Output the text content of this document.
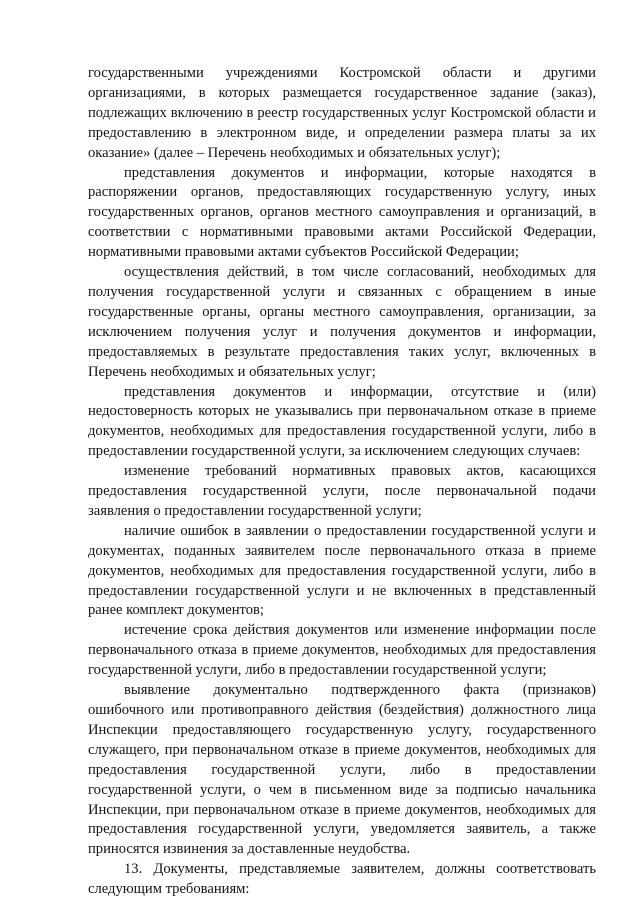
государственными учреждениями Костромской области и другими организациями, в которых размещается государственное задание (заказ), подлежащих включению в реестр государственных услуг Костромской области и предоставлению в электронном виде, и определении размера платы за их оказание» (далее – Перечень необходимых и обязательных услуг);

представления документов и информации, которые находятся в распоряжении органов, предоставляющих государственную услугу, иных государственных органов, органов местного самоуправления и организаций, в соответствии с нормативными правовыми актами Российской Федерации, нормативными правовыми актами субъектов Российской Федерации;

осуществления действий, в том числе согласований, необходимых для получения государственной услуги и связанных с обращением в иные государственные органы, органы местного самоуправления, организации, за исключением получения услуг и получения документов и информации, предоставляемых в результате предоставления таких услуг, включенных в Перечень необходимых и обязательных услуг;

представления документов и информации, отсутствие и (или) недостоверность которых не указывались при первоначальном отказе в приеме документов, необходимых для предоставления государственной услуги, либо в предоставлении государственной услуги, за исключением следующих случаев:

изменение требований нормативных правовых актов, касающихся предоставления государственной услуги, после первоначальной подачи заявления о предоставлении государственной услуги;

наличие ошибок в заявлении о предоставлении государственной услуги и документах, поданных заявителем после первоначального отказа в приеме документов, необходимых для предоставления государственной услуги, либо в предоставлении государственной услуги и не включенных в представленный ранее комплект документов;

истечение срока действия документов или изменение информации после первоначального отказа в приеме документов, необходимых для предоставления государственной услуги, либо в предоставлении государственной услуги;

выявление документально подтвержденного факта (признаков) ошибочного или противоправного действия (бездействия) должностного лица Инспекции предоставляющего государственную услугу, государственного служащего, при первоначальном отказе в приеме документов, необходимых для предоставления государственной услуги, либо в предоставлении государственной услуги, о чем в письменном виде за подписью начальника Инспекции, при первоначальном отказе в приеме документов, необходимых для предоставления государственной услуги, уведомляется заявитель, а также приносятся извинения за доставленные неудобства.

13. Документы, представляемые заявителем, должны соответствовать следующим требованиям:
